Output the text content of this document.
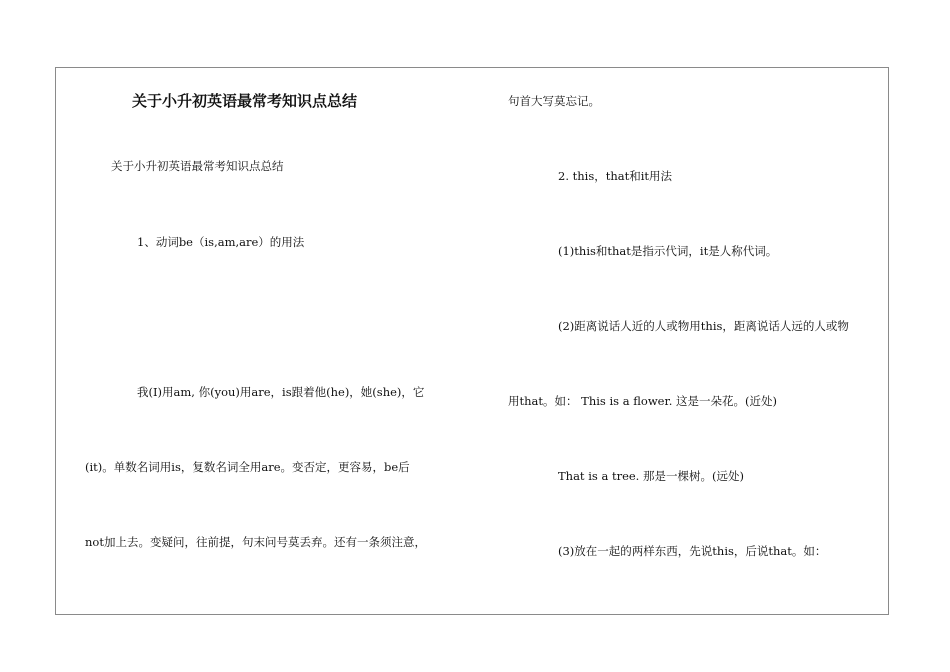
关于小升初英语最常考知识点总结
关于小升初英语最常考知识点总结
1、动词be（is,am,are）的用法
我(I)用am, 你(you)用are，is跟着他(he)，她(she)，它
(it)。单数名词用is，复数名词全用are。变否定，更容易，be后
not加上去。变疑问，往前提，句末问号莫丢弃。还有一条须注意，
句首大写莫忘记。
2. this，that和it用法
(1)this和that是指示代词，it是人称代词。
(2)距离说话人近的人或物用this，距离说话人远的人或物
用that。如： This is a flower. 这是一朵花。(近处)
That is a tree. 那是一棵树。(远处)
(3)放在一起的两样东西，先说this，后说that。如：
